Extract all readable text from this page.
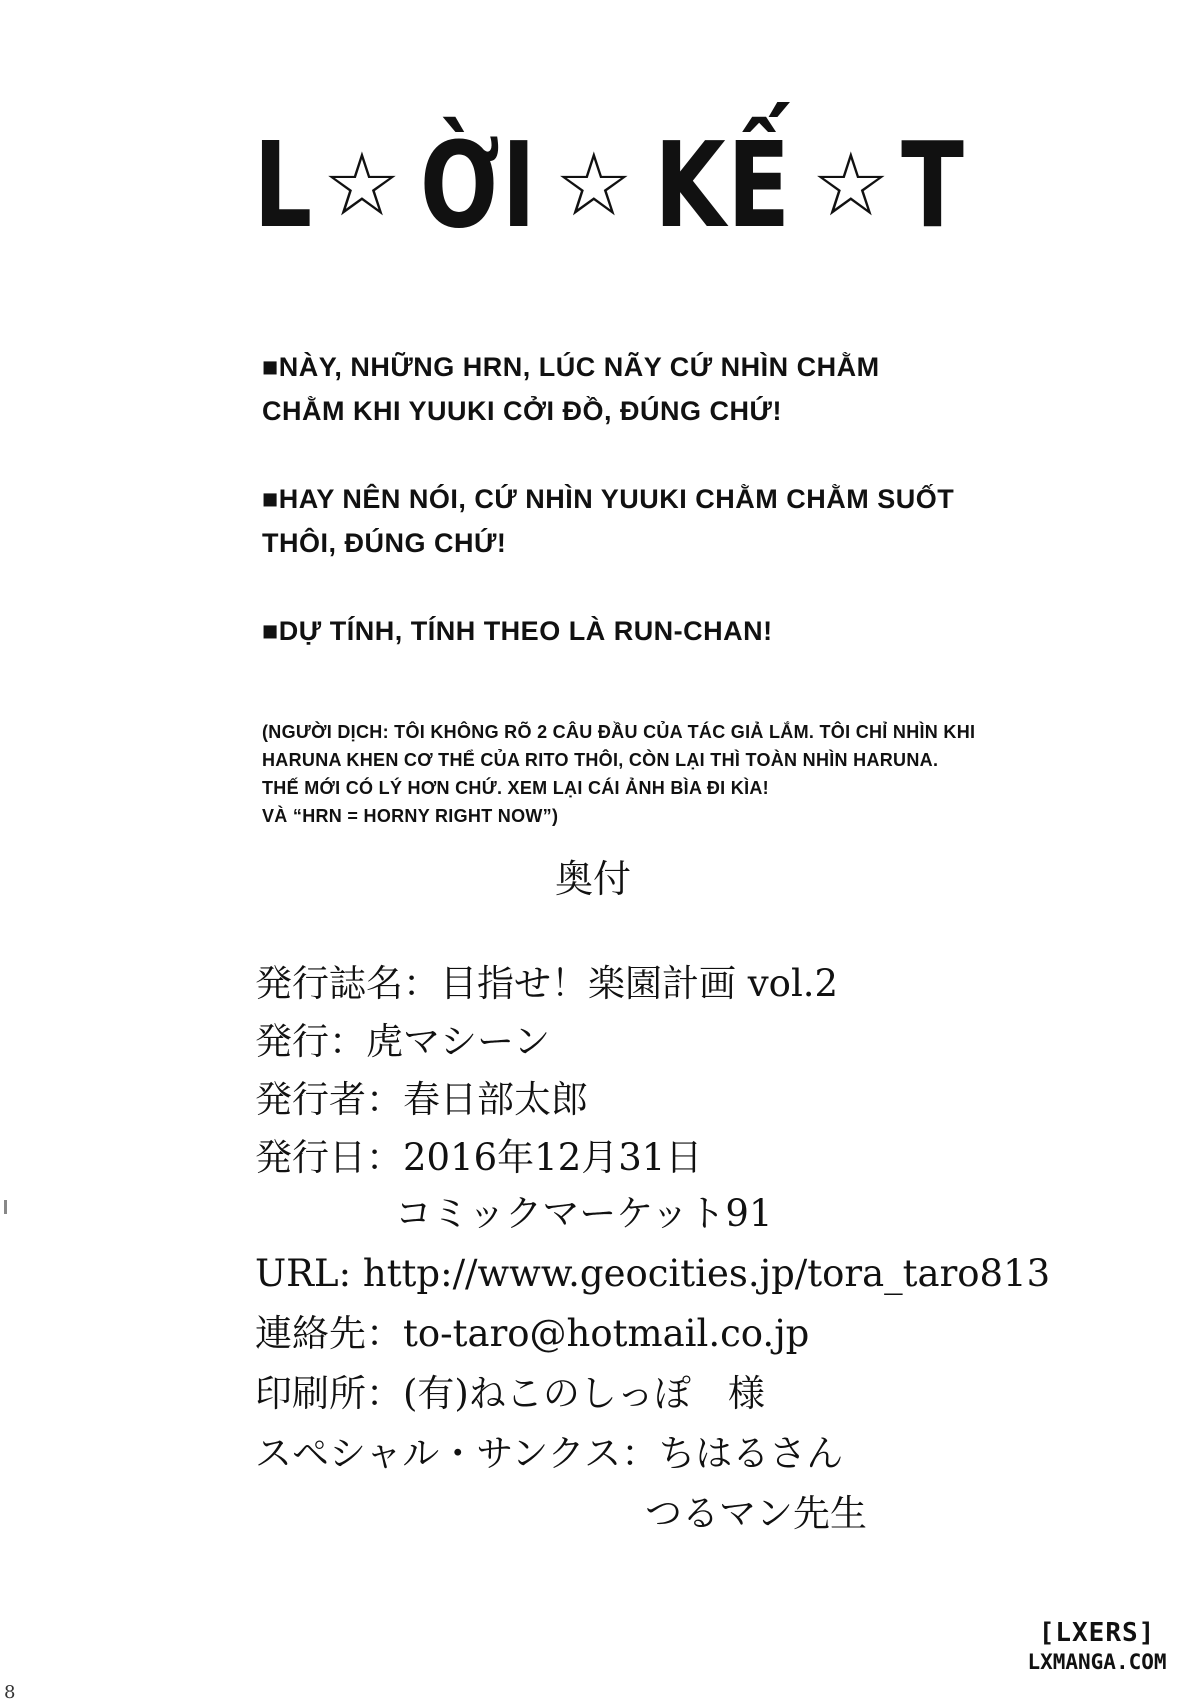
L ☆ ỜI ☆ KẾ ☆ T

■NÀY, NHỮNG HRN, LÚC NÃY CỨ NHÌN CHẰM CHẰM KHI YUUKI CỞI ĐỒ, ĐÚNG CHỨ!

■HAY NÊN NÓI, CỨ NHÌN YUUKI CHẰM CHẰM SUỐT THÔI, ĐÚNG CHỨ!

■DỰ TÍNH, TÍNH THEO LÀ RUN-CHAN!

(NGƯỜI DỊCH: TÔI KHÔNG RÕ 2 CÂU ĐẦU CỦA TÁC GIẢ LẮM. TÔI CHỈ NHÌN KHI
HARUNA KHEN CƠ THỂ CỦA RITO THÔI, CÒN LẠI THÌ TOÀN NHÌN HARUNA.
THẾ MỚI CÓ LÝ HƠN CHỨ. XEM LẠI CÁI ẢNH BÌA ĐI KÌA!
VÀ “HRN = HORNY RIGHT NOW”)
奥付
発行誌名：目指せ！楽園計画 vol.2
発行：虎マシーン
発行者：春日部太郎
発行日：2016年12月31日
コミックマーケット91
URL: http://www.geocities.jp/tora_taro813
連絡先：to-taro@hotmail.co.jp
印刷所：(有)ねこのしっぽ　様
スペシャル・サンクス：ちはるさん
つるマン先生
[LXERS]
LXMANGA.COM
8
